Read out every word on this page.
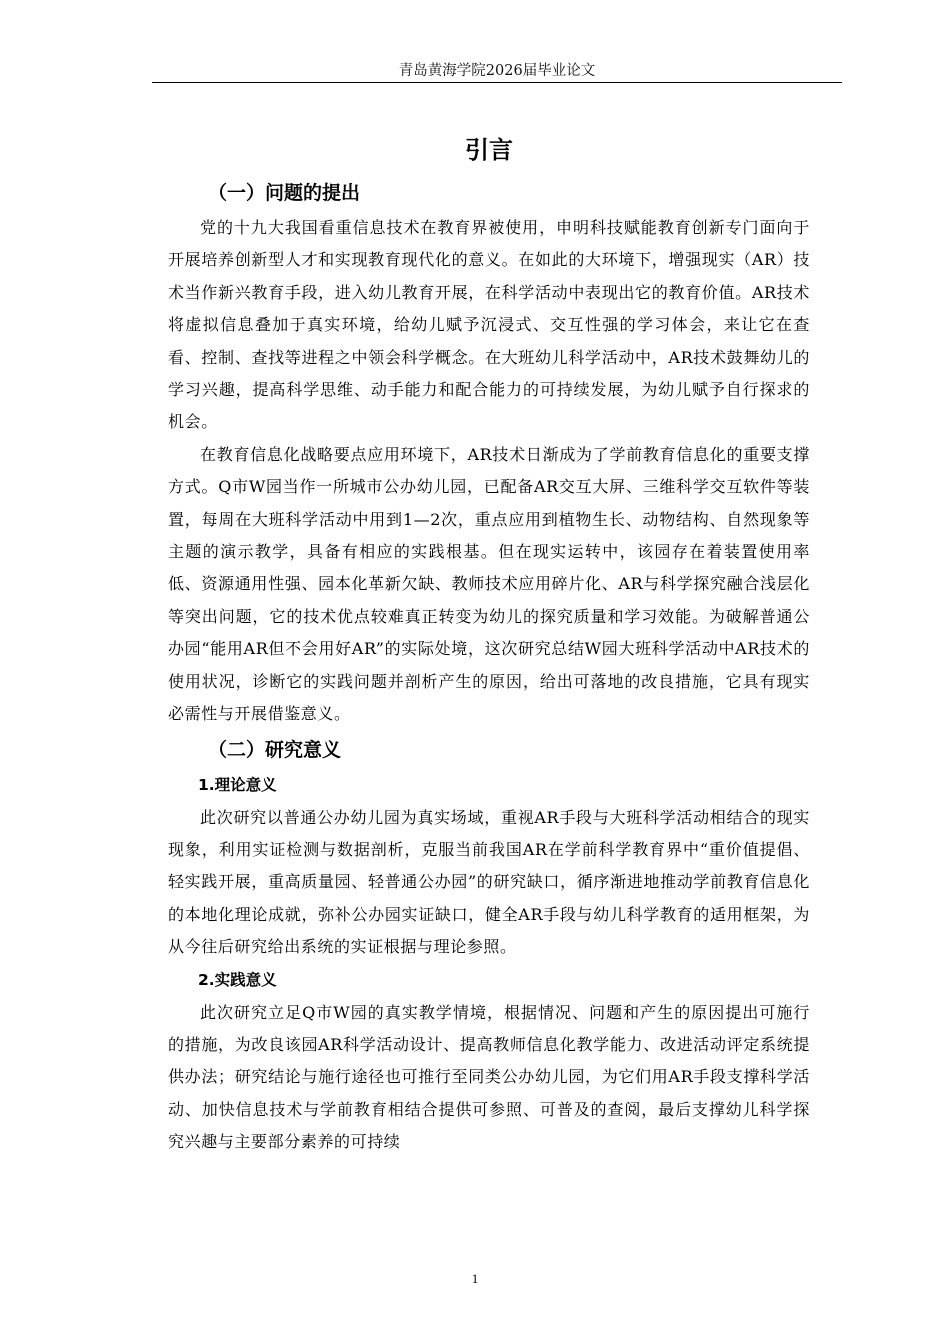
青岛黄海学院2026届毕业论文
引言
（一）问题的提出

党的十九大我国看重信息技术在教育界被使用，申明科技赋能教育创新专门面向于开展培养创新型人才和实现教育现代化的意义。在如此的大环境下，增强现实（AR）技术当作新兴教育手段，进入幼儿教育开展，在科学活动中表现出它的教育价值。AR技术将虚拟信息叠加于真实环境，给幼儿赋予沉浸式、交互性强的学习体会，来让它在查看、控制、查找等进程之中领会科学概念。在大班幼儿科学活动中，AR技术鼓舞幼儿的学习兴趣，提高科学思维、动手能力和配合能力的可持续发展，为幼儿赋予自行探求的机会。

在教育信息化战略要点应用环境下，AR技术日渐成为了学前教育信息化的重要支撑方式。Q市W园当作一所城市公办幼儿园，已配备AR交互大屏、三维科学交互软件等装置，每周在大班科学活动中用到1—2次，重点应用到植物生长、动物结构、自然现象等主题的演示教学，具备有相应的实践根基。但在现实运转中，该园存在着装置使用率低、资源通用性强、园本化革新欠缺、教师技术应用碎片化、AR与科学探究融合浅层化等突出问题，它的技术优点较难真正转变为幼儿的探究质量和学习效能。为破解普通公办园“能用AR但不会用好AR”的实际处境，这次研究总结W园大班科学活动中AR技术的使用状况，诊断它的实践问题并剖析产生的原因，给出可落地的改良措施，它具有现实必需性与开展借鉴意义。

（二）研究意义
1.理论意义

此次研究以普通公办幼儿园为真实场域，重视AR手段与大班科学活动相结合的现实现象，利用实证检测与数据剖析，克服当前我国AR在学前科学教育界中“重价值提倡、轻实践开展，重高质量园、轻普通公办园”的研究缺口，循序渐进地推动学前教育信息化的本地化理论成就，弥补公办园实证缺口，健全AR手段与幼儿科学教育的适用框架，为从今往后研究给出系统的实证根据与理论参照。

2.实践意义

此次研究立足Q市W园的真实教学情境，根据情况、问题和产生的原因提出可施行的措施，为改良该园AR科学活动设计、提高教师信息化教学能力、改进活动评定系统提供办法；研究结论与施行途径也可推行至同类公办幼儿园，为它们用AR手段支撑科学活动、加快信息技术与学前教育相结合提供可参照、可普及的查阅，最后支撑幼儿科学探究兴趣与主要部分素养的可持续

1
